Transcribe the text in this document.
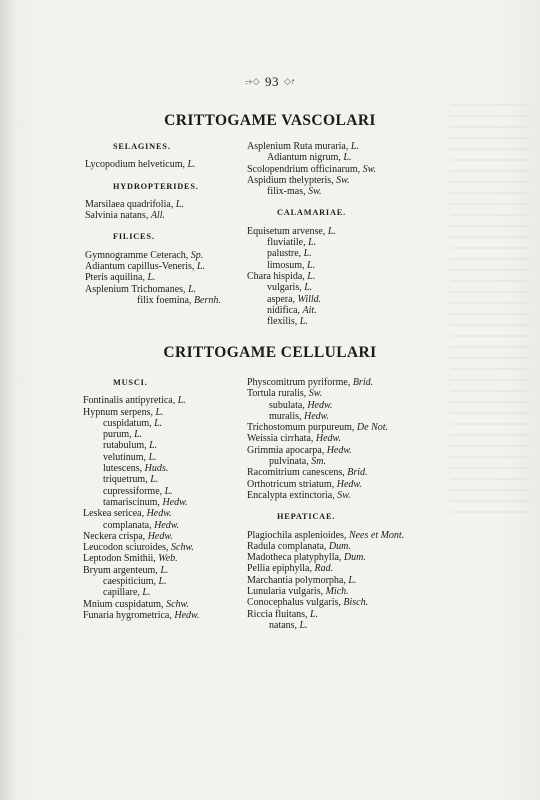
⭌◇ 93 ◇⭎
CRITTOGAME VASCOLARI
SELAGINES.
Lycopodium helveticum, L.
HYDROPTERIDES.
Marsilaea quadrifolia, L.
Salvinia natans, All.
FILICES.
Gymnogramme Ceterach, Sp.
Adiantum capillus-Veneris, L.
Pteris aquilina, L.
Asplenium Trichomanes, L.
filix foemina, Bernh.
Asplenium Ruta muraria, L.
Adiantum nigrum, L.
Scolopendrium officinarum, Sw.
Aspidium thelypteris, Sw.
filix-mas, Sw.
CALAMARIAE.
Equisetum arvense, L.
fluviatile, L.
palustre, L.
limosum, L.
Chara hispida, L.
vulgaris, L.
aspera, Willd.
nidifica, Ait.
flexilis, L.
CRITTOGAME CELLULARI
MUSCI.
Fontinalis antipyretica, L.
Hypnum serpens, L.
cuspidatum, L.
purum, L.
rutabulum, L.
velutinum, L.
lutescens, Huds.
triquetrum, L.
cupressiforme, L.
tamariscinum, Hedw.
Leskea sericea, Hedw.
complanata, Hedw.
Neckera crispa, Hedw.
Leucodon sciuroides, Schw.
Leptodon Smithii, Web.
Bryum argenteum, L.
caespiticium, L.
capillare, L.
Mnium cuspidatum, Schw.
Funaria hygrometrica, Hedw.
Physcomitrum pyriforme, Brid.
Tortula ruralis, Sw.
subulata, Hedw.
muralis, Hedw.
Trichostomum purpureum, De Not.
Weissia cirrhata, Hedw.
Grimmia apocarpa, Hedw.
pulvinata, Sm.
Racomitrium canescens, Brid.
Orthotricum striatum, Hedw.
Encalypta extinctoria, Sw.
HEPATICAE.
Plagiochila asplenioides, Nees et Mont.
Radula complanata, Dum.
Madotheca platyphylla, Dum.
Pellia epiphylla, Rad.
Marchantia polymorpha, L.
Lunularia vulgaris, Mich.
Conocephalus vulgaris, Bisch.
Riccia fluitans, L.
natans, L.
